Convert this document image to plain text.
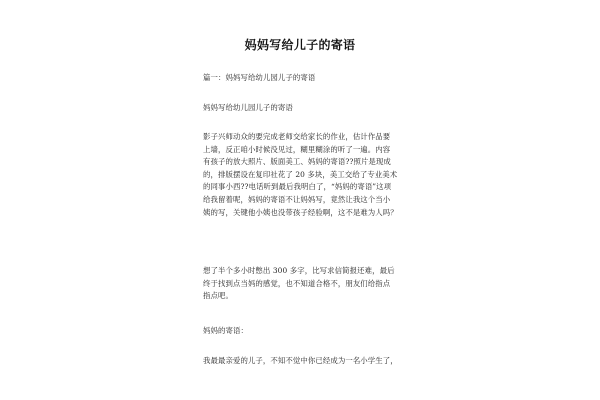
妈妈写给儿子的寄语
篇一：妈妈写给幼儿园儿子的寄语
妈妈写给幼儿园儿子的寄语
影子兴师动众的要完成老师交给家长的作业，估计作品要
上墙，反正咱小时候没见过，糊里糊涂的听了一遍。内容
有孩子的放大照片、版面美工、妈妈的寄语??照片是现成
的，排版摆设在复印社花了 20 多块，美工交给了专业美术
的同事小西??电话听到最后我明白了，“妈妈的寄语”这项
给我留着呢，妈妈的寄语不让妈妈写，竟然让我这个当小
姨的写，关键他小姨也没带孩子经验啊，这不是难为人吗？
想了半个多小时憋出 300 多字，比写求信简报还难，最后
终于找到点当妈的感觉，也不知道合格不，朋友们给指点
指点吧。
妈妈的寄语：
我最最亲爱的儿子，不知不觉中你已经成为一名小学生了，
